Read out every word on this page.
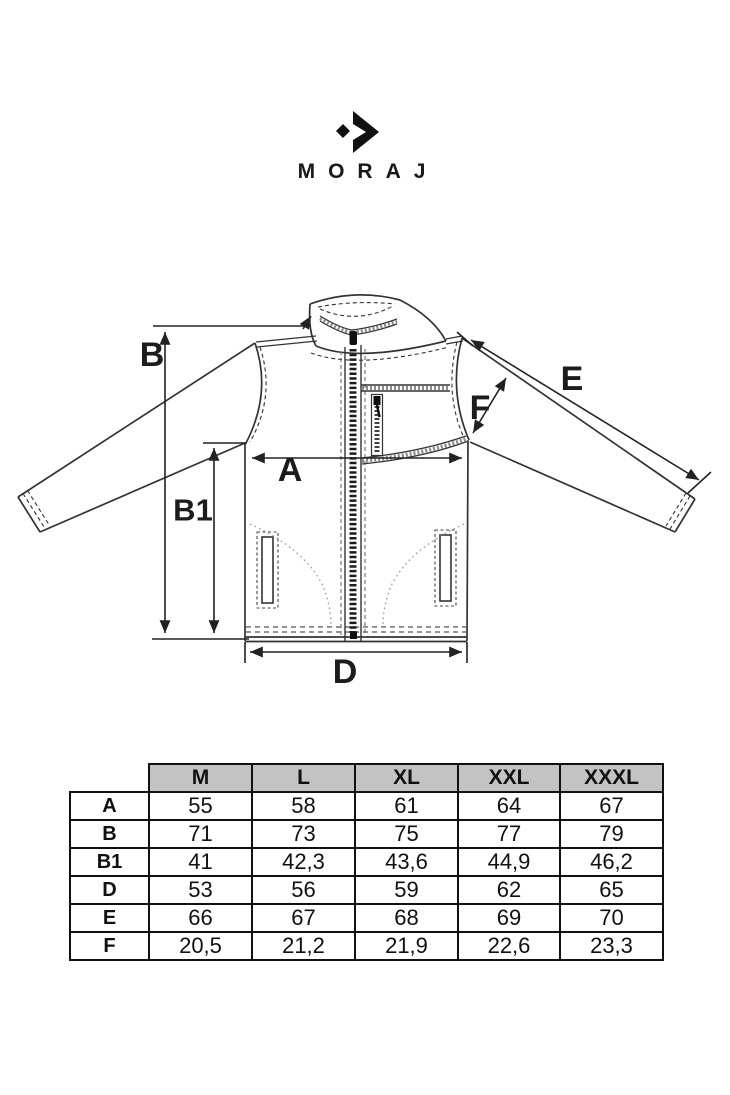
MORAJ
B
B1
A
D
E
F
	M	L	XL	XXL	XXXL
A	55	58	61	64	67
B	71	73	75	77	79
B1	41	42,3	43,6	44,9	46,2
D	53	56	59	62	65
E	66	67	68	69	70
F	20,5	21,2	21,9	22,6	23,3
